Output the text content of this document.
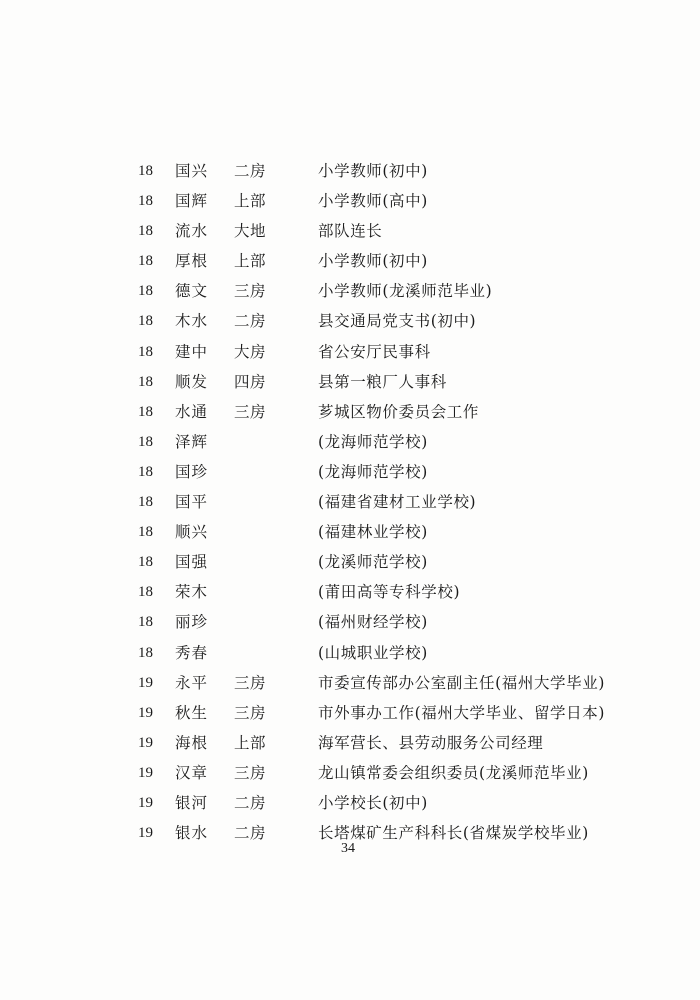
18 国兴 二房	小学教师(初中)
18 国辉 上部	小学教师(高中)
18 流水 大地	部队连长
18 厚根 上部	小学教师(初中)
18 德文 三房	小学教师(龙溪师范毕业)
18 木水 二房	县交通局党支书(初中)
18 建中 大房	省公安厅民事科
18 顺发 四房	县第一粮厂人事科
18 水通 三房	芗城区物价委员会工作
18 泽辉	(龙海师范学校)
18 国珍	(龙海师范学校)
18 国平	(福建省建材工业学校)
18 顺兴	(福建林业学校)
18 国强	(龙溪师范学校)
18 荣木	(莆田高等专科学校)
18 丽珍	(福州财经学校)
18 秀春	(山城职业学校)
19 永平 三房	市委宣传部办公室副主任(福州大学毕业)
19 秋生 三房	市外事办工作(福州大学毕业、留学日本)
19 海根 上部	海军营长、县劳动服务公司经理
19 汉章 三房	龙山镇常委会组织委员(龙溪师范毕业)
19 银河 二房	小学校长(初中)
19 银水 二房	长塔煤矿生产科科长(省煤炭学校毕业)
34
